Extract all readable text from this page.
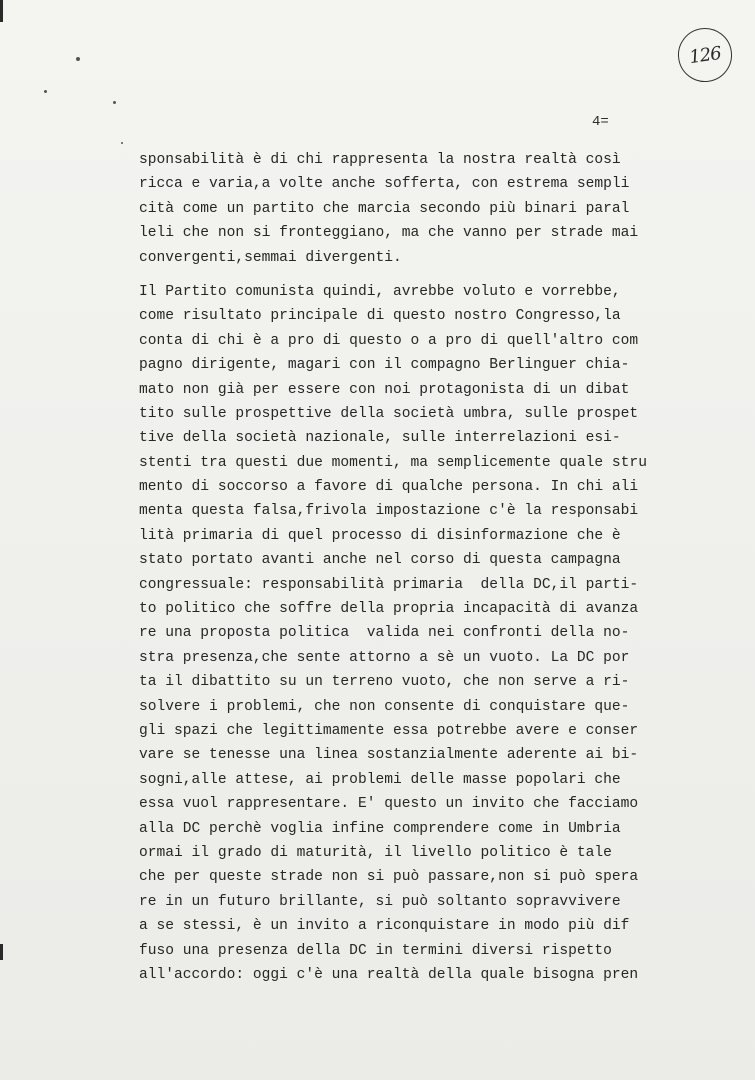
126
4=
sponsabilità è di chi rappresenta la nostra realtà così
ricca e varia,a volte anche sofferta, con estrema sempli
cità come un partito che marcia secondo più binari paral
leli che non si fronteggiano, ma che vanno per strade mai
convergenti,semmai divergenti.
Il Partito comunista quindi, avrebbe voluto e vorrebbe,
come risultato principale di questo nostro Congresso,la
conta di chi è a pro di questo o a pro di quell'altro com
pagno dirigente, magari con il compagno Berlinguer chia-
mato non già per essere con noi protagonista di un dibat
tito sulle prospettive della società umbra, sulle prospet
tive della società nazionale, sulle interrelazioni esi-
stenti tra questi due momenti, ma semplicemente quale stru
mento di soccorso a favore di qualche persona. In chi ali
menta questa falsa,frivola impostazione c'è la responsabi
lità primaria di quel processo di disinformazione che è
stato portato avanti anche nel corso di questa campagna
congressuale: responsabilità primaria  della DC,il parti-
to politico che soffre della propria incapacità di avanza
re una proposta politica  valida nei confronti della no-
stra presenza,che sente attorno a sè un vuoto. La DC por
ta il dibattito su un terreno vuoto, che non serve a ri-
solvere i problemi, che non consente di conquistare que-
gli spazi che legittimamente essa potrebbe avere e conser
vare se tenesse una linea sostanzialmente aderente ai bi-
sogni,alle attese, ai problemi delle masse popolari che
essa vuol rappresentare. E' questo un invito che facciamo
alla DC perchè voglia infine comprendere come in Umbria
ormai il grado di maturità, il livello politico è tale
che per queste strade non si può passare,non si può spera
re in un futuro brillante, si può soltanto sopravvivere
a se stessi, è un invito a riconquistare in modo più dif
fuso una presenza della DC in termini diversi rispetto
all'accordo: oggi c'è una realtà della quale bisogna pren
